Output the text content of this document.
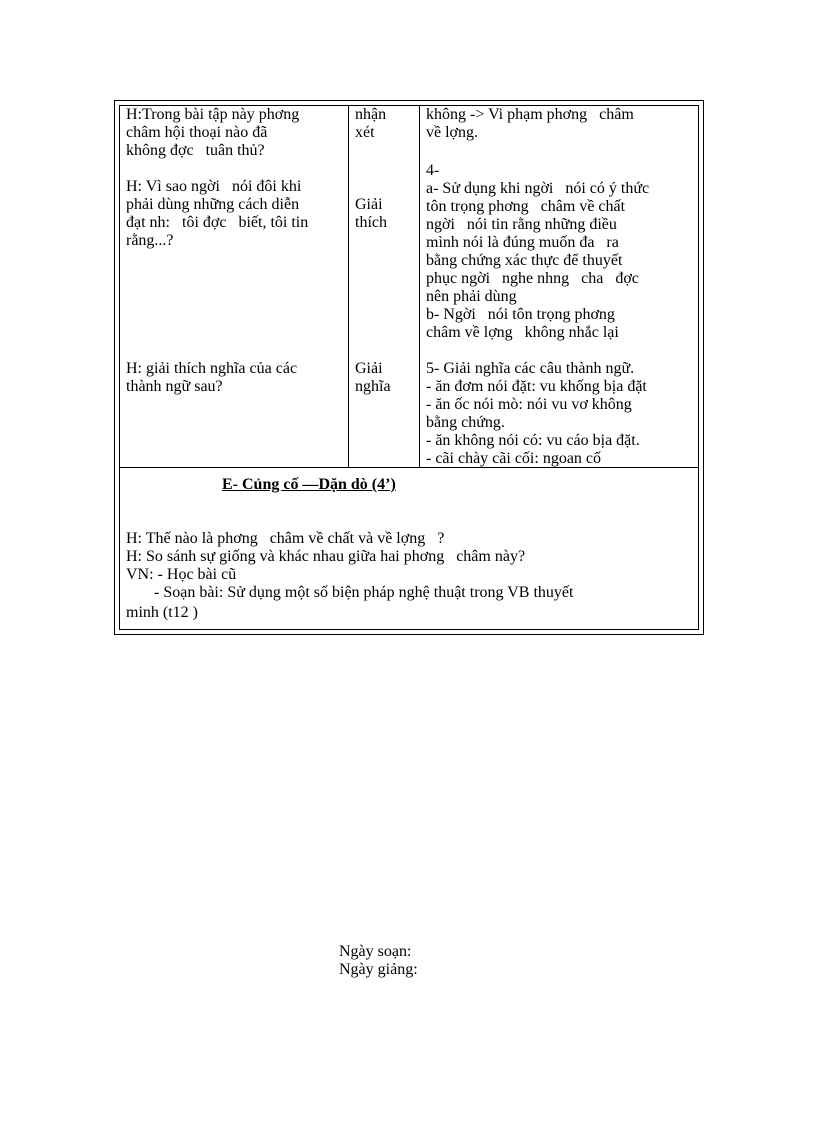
H:Trong bài tập này phơng
châm hội thoại nào đã
không đợc   tuân thủ?
H: Vì sao ngời   nói đôi khi
phải dùng những cách diễn
đạt nh:   tôi đợc   biết, tôi tin
rằng...?
H: giải thích nghĩa của các
thành ngữ sau?
nhận
xét
Giải
thích
Giải
nghĩa
không -> Vi phạm phơng   châm
về lợng.
4-
a- Sử dụng khi ngời   nói có ý thức
tôn trọng phơng   châm về chất
ngời   nói tin rằng những điều
mình nói là đúng muốn đa   ra
bằng chứng xác thực để thuyết
phục ngời   nghe nhng   cha   đợc
nên phải dùng
b- Ngời   nói tôn trọng phơng
châm về lợng   không nhắc lại
5- Giải nghĩa các câu thành ngữ.
- ăn đơm nói đặt: vu khống bịa đặt
- ăn ốc nói mò: nói vu vơ không
bằng chứng.
- ăn không nói có: vu cáo bịa đặt.
- cãi chày cãi cối: ngoan cố
E- Củng cố —Dặn dò (4’)
H: Thế nào là phơng   châm về chất và về lợng   ?
H: So sánh sự giống và khác nhau giữa hai phơng   châm này?
VN: - Học bài cũ
- Soạn bài: Sử dụng một số biện pháp nghệ thuật trong VB thuyết
minh (t12 )
Ngày soạn:
Ngày giảng:
